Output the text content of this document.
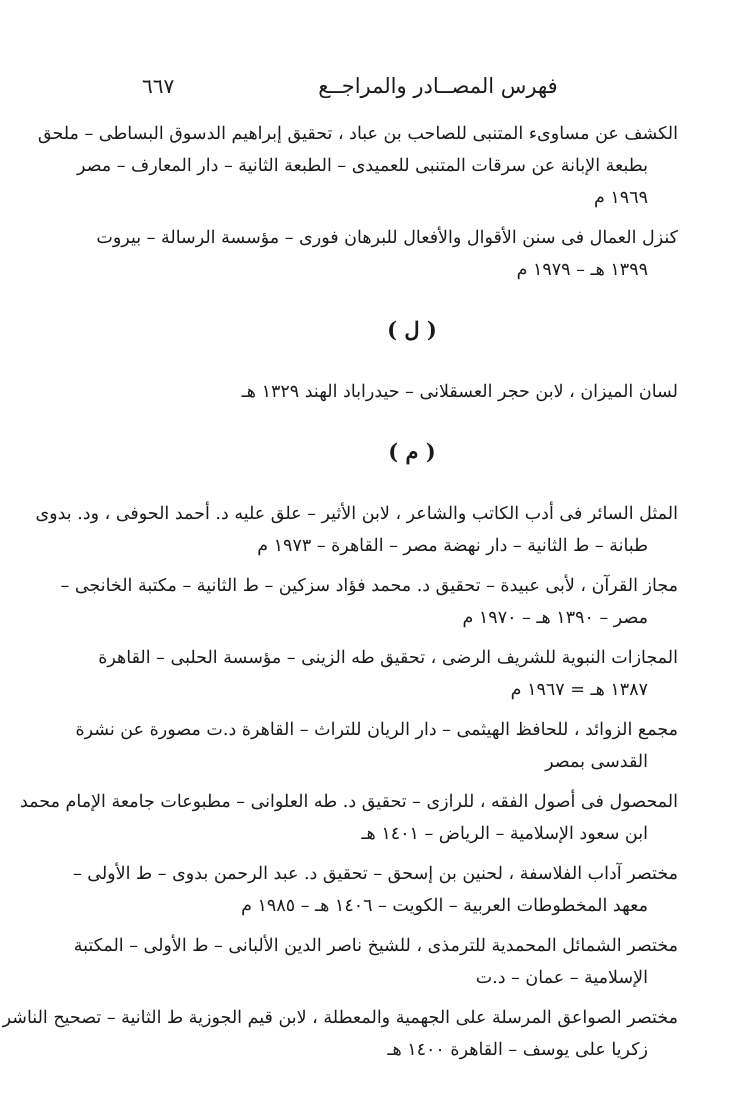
٦٦٧	فهرس المصــادر والمراجــع
الكشف عن مساوىء المتنبى للصاحب بن عباد ، تحقيق إبراهيم الدسوق البساطى – ملحق
بطبعة الإبانة عن سرقات المتنبى للعميدى – الطبعة الثانية – دار المعارف – مصر
١٩٦٩ م
كنزل العمال فى سنن الأقوال والأفعال للبرهان فورى – مؤسسة الرسالة – بيروت
١٣٩٩ هـ – ١٩٧٩ م
( ل )
لسان الميزان ، لابن حجر العسقلانى – حيدراباد الهند ١٣٢٩ هـ
( م )
المثل السائر فى أدب الكاتب والشاعر ، لابن الأثير – علق عليه د. أحمد الحوفى ، ود. بدوى
طبانة – ط الثانية – دار نهضة مصر – القاهرة – ١٩٧٣ م
مجاز القرآن ، لأبى عبيدة – تحقيق د. محمد فؤاد سزكين – ط الثانية – مكتبة الخانجى –
مصر – ١٣٩٠ هـ – ١٩٧٠ م
المجازات النبوية للشريف الرضى ، تحقيق طه الزينى – مؤسسة الحلبى – القاهرة
١٣٨٧ هـ = ١٩٦٧ م
مجمع الزوائد ، للحافظ الهيثمى – دار الريان للتراث – القاهرة د.ت مصورة عن نشرة
القدسى بمصر
المحصول فى أصول الفقه ، للرازى – تحقيق د. طه العلوانى – مطبوعات جامعة الإمام محمد
ابن سعود الإسلامية – الرياض – ١٤٠١ هـ
مختصر آداب الفلاسفة ، لحنين بن إسحق – تحقيق د. عبد الرحمن بدوى – ط الأولى –
معهد المخطوطات العربية – الكويت – ١٤٠٦ هـ – ١٩٨٥ م
مختصر الشمائل المحمدية للترمذى ، للشيخ ناصر الدين الألبانى – ط الأولى – المكتبة
الإسلامية – عمان – د.ت
مختصر الصواعق المرسلة على الجهمية والمعطلة ، لابن قيم الجوزية ط الثانية – تصحيح الناشر
زكريا على يوسف – القاهرة ١٤٠٠ هـ
